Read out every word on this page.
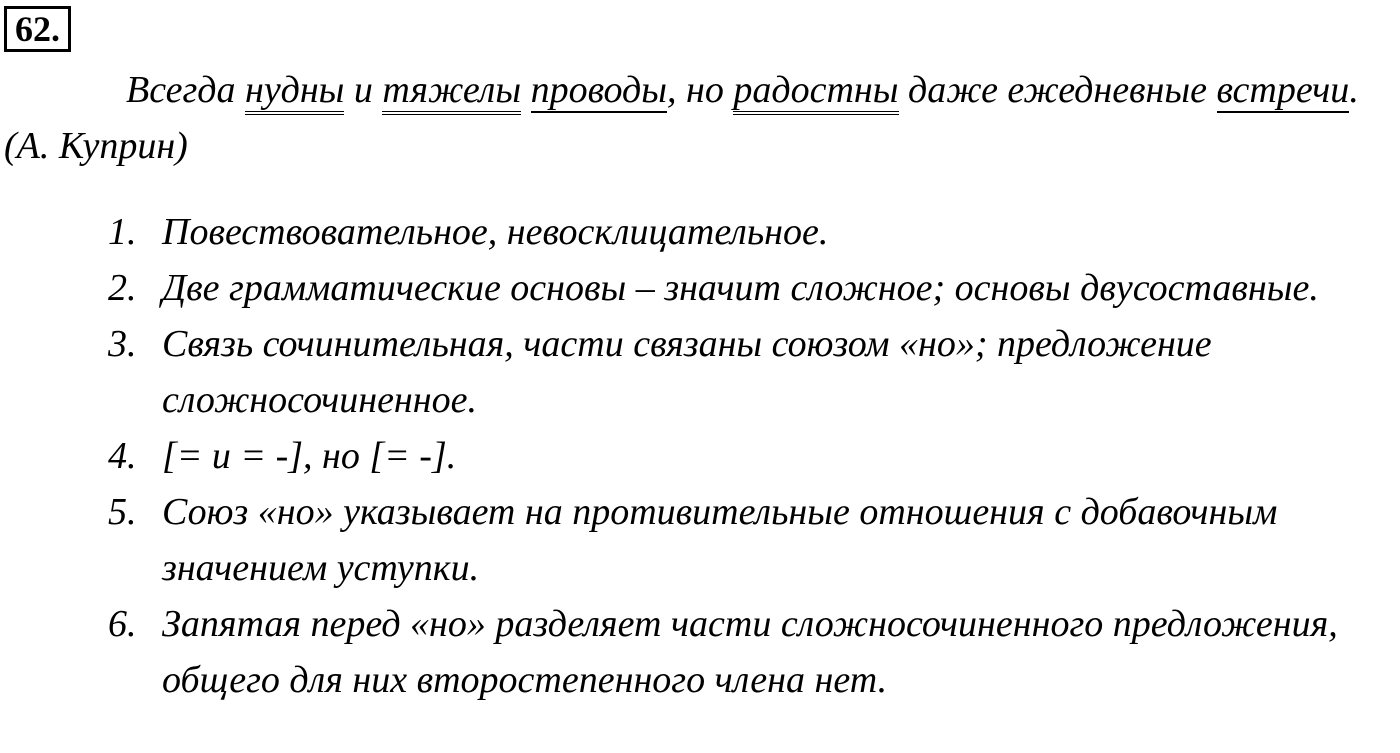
62.

Всегда нудны и тяжелы проводы, но радостны даже ежедневные встречи. (А. Куприн)

1. Повествовательное, невосклицательное.
2. Две грамматические основы – значит сложное; основы двусоставные.
3. Связь сочинительная, части связаны союзом «но»; предложение сложносочиненное.
4. [= и = -], но [= -].
5. Союз «но» указывает на противительные отношения с добавочным значением уступки.
6. Запятая перед «но» разделяет части сложносочиненного предложения, общего для них второстепенного члена нет.
